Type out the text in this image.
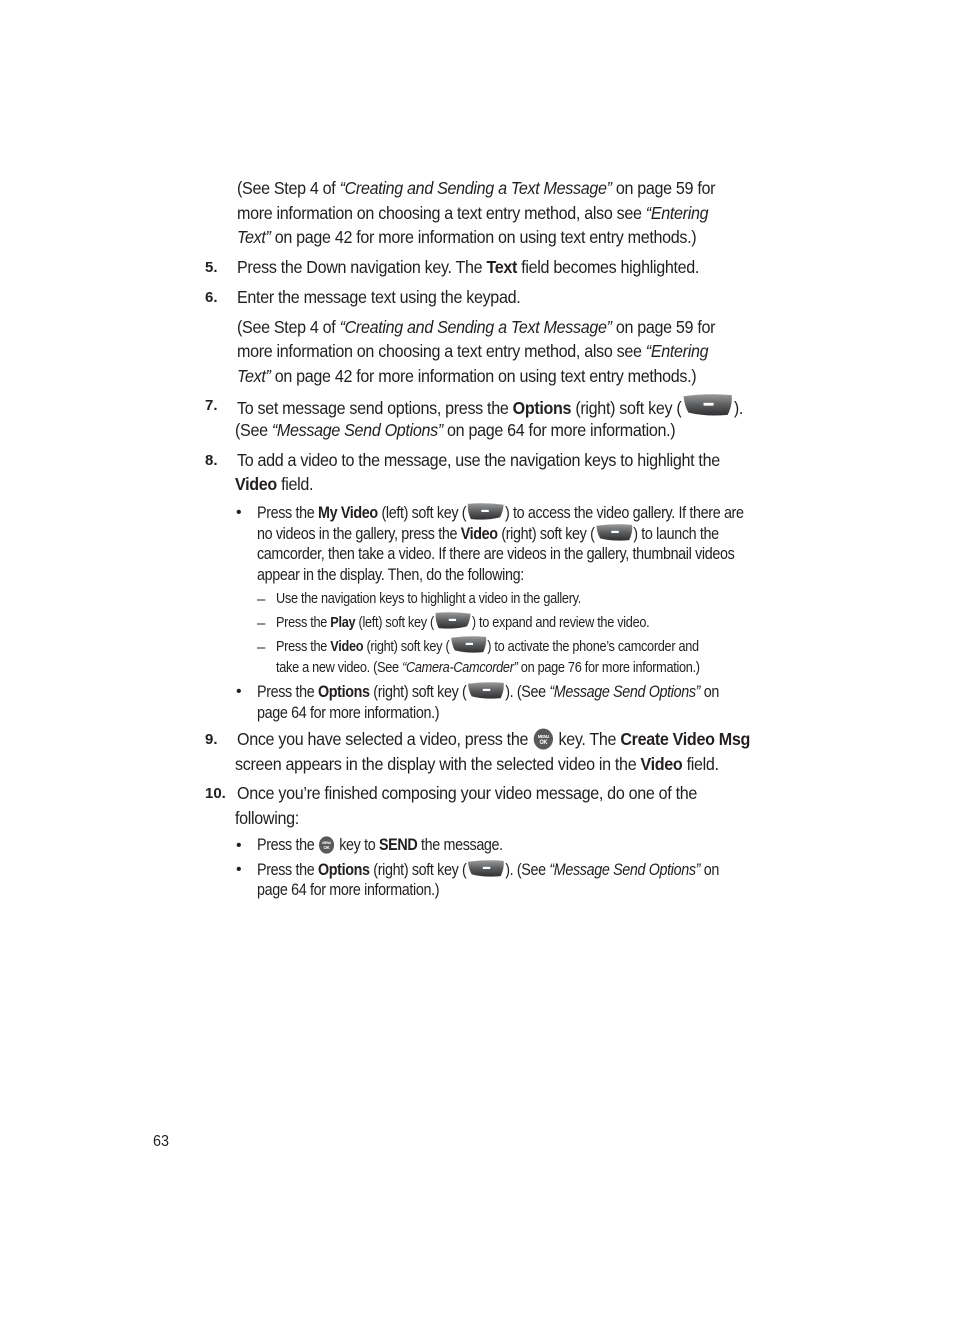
(See Step 4 of “Creating and Sending a Text Message” on page 59 for
more information on choosing a text entry method, also see “Entering
Text” on page 42 for more information on using text entry methods.)
5. Press the Down navigation key. The Text field becomes highlighted.
6. Enter the message text using the keypad.
(See Step 4 of “Creating and Sending a Text Message” on page 59 for
more information on choosing a text entry method, also see “Entering
Text” on page 42 for more information on using text entry methods.)
7. To set message send options, press the Options (right) soft key (	).
(See “Message Send Options” on page 64 for more information.)
8. To add a video to the message, use the navigation keys to highlight the
Video field.
• Press the My Video (left) soft key ( ) to access the video gallery. If there are
no videos in the gallery, press the Video (right) soft key ( ) to launch the
camcorder, then take a video. If there are videos in the gallery, thumbnail videos
appear in the display. Then, do the following:
– Use the navigation keys to highlight a video in the gallery.
– Press the Play (left) soft key (	) to expand and review the video.
– Press the Video (right) soft key (	) to activate the phone’s camcorder and
take a new video. (See “Camera-Camcorder” on page 76 for more information.)
• Press the Options (right) soft key ( ). (See “Message Send Options” on
page 64 for more information.)
9. Once you have selected a video, press the MENU
OK key. The Create Video Msg
screen appears in the display with the selected video in the Video field.
10. Once you’re finished composing your video message, do one of the
following:
• Press the MENU
OK key to SEND the message.
• Press the Options (right) soft key ( ). (See “Message Send Options” on
page 64 for more information.)
63
